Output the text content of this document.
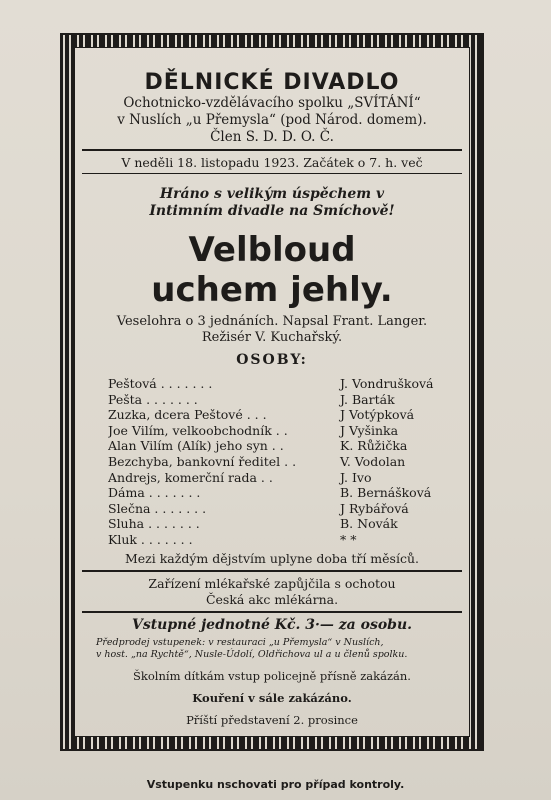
DĚLNICKÉ DIVADLO
Ochotnicko-vzdělávacího spolku „SVÍTÁNÍ“
v Nuslích „u Přemysla“ (pod Národ. domem).
Člen S. D. D. O. Č.
V neděli 18. listopadu 1923. Začátek o 7. h. več
Hráno s velikým úspěchem v
Intimním divadle na Smíchově!
Velbloud
uchem jehly.
Veselohra o 3 jednáních. Napsal Frant. Langer.
Režisér V. Kuchařský.
OSOBY:
Peštová . . . . . . .	J. Vondrušková
Pešta . . . . . . .	J. Barták
Zuzka, dcera Peštové . . .	J Votýpková
Joe Vilím, velkoobchodník . .	J Vyšinka
Alan Vilím (Alík) jeho syn . .	K. Růžička
Bezchyba, bankovní ředitel . .	V. Vodolan
Andrejs, komerční rada . .	J. Ivo
Dáma . . . . . . .	B. Bernášková
Slečna . . . . . . .	J Rybářová
Sluha . . . . . . .	B. Novák
Kluk . . . . . . .	* *
Mezi každým dějstvím uplyne doba tří měsíců.
Zařízení mlékařské zapůjčila s ochotou
Česká akc mlékárna.
Vstupné jednotné Kč. 3·— za osobu.
Předprodej vstupenek: v restauraci „u Přemysla“ v Nuslích,
v host. „na Rychtě“, Nusle-Údolí, Oldřichova ul a u členů spolku.
Školním dítkám vstup policejně přísně zakázán.
Kouření v sále zakázáno.
Příští představení 2. prosince
Vstupenku nschovati pro případ kontroly.
